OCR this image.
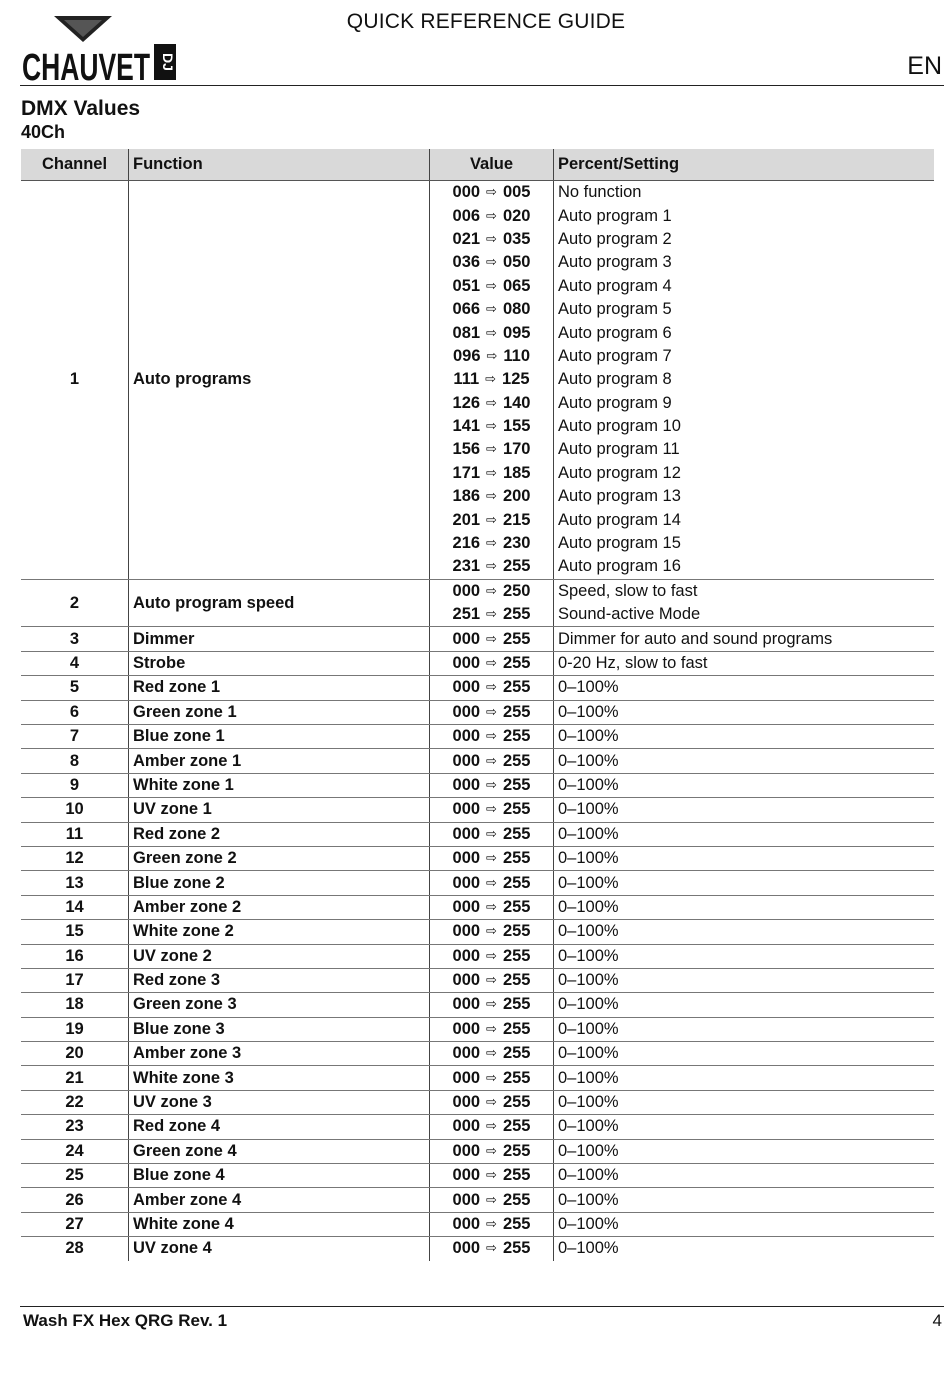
CHAUVET DJ
QUICK REFERENCE GUIDE
EN
DMX Values
40Ch
Channel	Function	Value	Percent/Setting
1	Auto programs	000 ⇨ 005	No function
		006 ⇨ 020	Auto program 1
		021 ⇨ 035	Auto program 2
		036 ⇨ 050	Auto program 3
		051 ⇨ 065	Auto program 4
		066 ⇨ 080	Auto program 5
		081 ⇨ 095	Auto program 6
		096 ⇨ 110	Auto program 7
		111 ⇨ 125	Auto program 8
		126 ⇨ 140	Auto program 9
		141 ⇨ 155	Auto program 10
		156 ⇨ 170	Auto program 11
		171 ⇨ 185	Auto program 12
		186 ⇨ 200	Auto program 13
		201 ⇨ 215	Auto program 14
		216 ⇨ 230	Auto program 15
		231 ⇨ 255	Auto program 16
2	Auto program speed	000 ⇨ 250	Speed, slow to fast
		251 ⇨ 255	Sound-active Mode
3	Dimmer	000 ⇨ 255	Dimmer for auto and sound programs
4	Strobe	000 ⇨ 255	0-20 Hz, slow to fast
5	Red zone 1	000 ⇨ 255	0–100%
6	Green zone 1	000 ⇨ 255	0–100%
7	Blue zone 1	000 ⇨ 255	0–100%
8	Amber zone 1	000 ⇨ 255	0–100%
9	White zone 1	000 ⇨ 255	0–100%
10	UV zone 1	000 ⇨ 255	0–100%
11	Red zone 2	000 ⇨ 255	0–100%
12	Green zone 2	000 ⇨ 255	0–100%
13	Blue zone 2	000 ⇨ 255	0–100%
14	Amber zone 2	000 ⇨ 255	0–100%
15	White zone 2	000 ⇨ 255	0–100%
16	UV zone 2	000 ⇨ 255	0–100%
17	Red zone 3	000 ⇨ 255	0–100%
18	Green zone 3	000 ⇨ 255	0–100%
19	Blue zone 3	000 ⇨ 255	0–100%
20	Amber zone 3	000 ⇨ 255	0–100%
21	White zone 3	000 ⇨ 255	0–100%
22	UV zone 3	000 ⇨ 255	0–100%
23	Red zone 4	000 ⇨ 255	0–100%
24	Green zone 4	000 ⇨ 255	0–100%
25	Blue zone 4	000 ⇨ 255	0–100%
26	Amber zone 4	000 ⇨ 255	0–100%
27	White zone 4	000 ⇨ 255	0–100%
28	UV zone 4	000 ⇨ 255	0–100%
Wash FX Hex QRG Rev. 1	4
